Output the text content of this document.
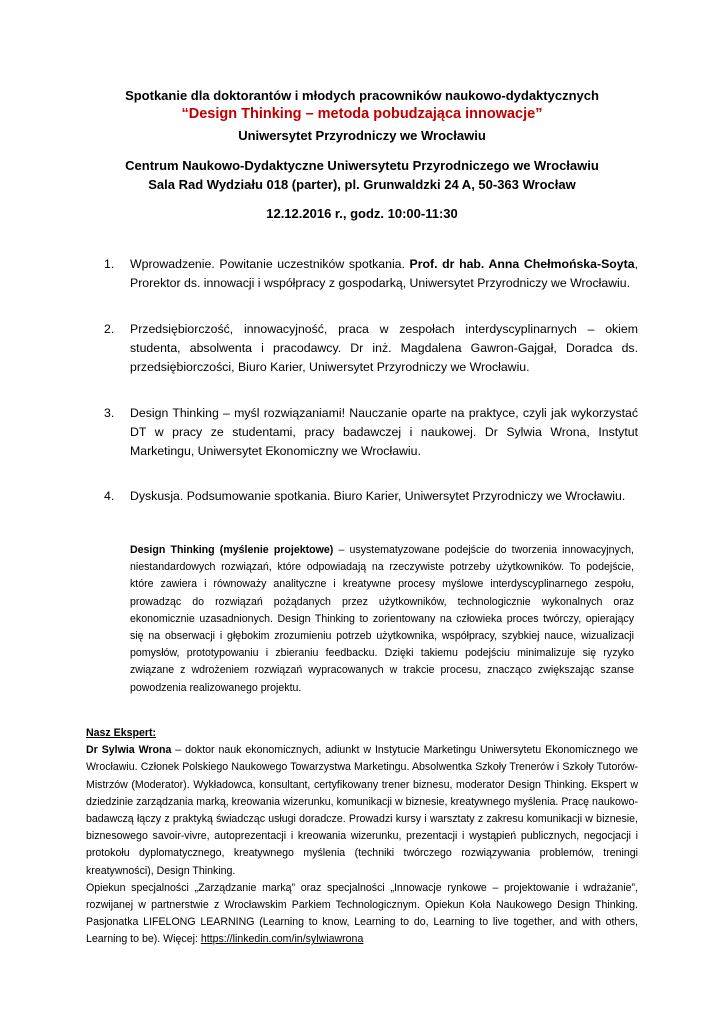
Spotkanie dla doktorantów i młodych pracowników naukowo-dydaktycznych
“Design Thinking – metoda pobudzająca innowacje”
Uniwersytet Przyrodniczy we Wrocławiu
Centrum Naukowo-Dydaktyczne Uniwersytetu Przyrodniczego we Wrocławiu
Sala Rad Wydziału 018 (parter), pl. Grunwaldzki 24 A, 50-363 Wrocław
12.12.2016 r., godz. 10:00-11:30
1.	Wprowadzenie. Powitanie uczestników spotkania. Prof. dr hab. Anna Chełmońska-Soyta, Prorektor ds. innowacji i współpracy z gospodarką, Uniwersytet Przyrodniczy we Wrocławiu.
2.	Przedsiębiorczość, innowacyjność, praca w zespołach interdyscyplinarnych – okiem studenta, absolwenta i pracodawcy. Dr inż. Magdalena Gawron-Gajgał, Doradca ds. przedsiębiorczości, Biuro Karier, Uniwersytet Przyrodniczy we Wrocławiu.
3.	Design Thinking – myśl rozwiązaniami! Nauczanie oparte na praktyce, czyli jak wykorzystać DT w pracy ze studentami, pracy badawczej i naukowej. Dr Sylwia Wrona, Instytut Marketingu, Uniwersytet Ekonomiczny we Wrocławiu.
4.	Dyskusja. Podsumowanie spotkania. Biuro Karier, Uniwersytet Przyrodniczy we Wrocławiu.
Design Thinking (myślenie projektowe) – usystematyzowane podejście do tworzenia innowacyjnych, niestandardowych rozwiązań, które odpowiadają na rzeczywiste potrzeby użytkowników. To podejście, które zawiera i równoważy analityczne i kreatywne procesy myślowe interdyscyplinarnego zespołu, prowadząc do rozwiązań pożądanych przez użytkowników, technologicznie wykonalnych oraz ekonomicznie uzasadnionych. Design Thinking to zorientowany na człowieka proces twórczy, opierający się na obserwacji i głębokim zrozumieniu potrzeb użytkownika, współpracy, szybkiej nauce, wizualizacji pomysłów, prototypowaniu i zbieraniu feedbacku. Dzięki takiemu podejściu minimalizuje się ryzyko związane z wdrożeniem rozwiązań wypracowanych w trakcie procesu, znacząco zwiększając szanse powodzenia realizowanego projektu.
Nasz Ekspert:
Dr Sylwia Wrona – doktor nauk ekonomicznych, adiunkt w Instytucie Marketingu Uniwersytetu Ekonomicznego we Wrocławiu. Członek Polskiego Naukowego Towarzystwa Marketingu. Absolwentka Szkoły Trenerów i Szkoły Tutorów-Mistrzów (Moderator). Wykładowca, konsultant, certyfikowany trener biznesu, moderator Design Thinking. Ekspert w dziedzinie zarządzania marką, kreowania wizerunku, komunikacji w biznesie, kreatywnego myślenia. Pracę naukowo-badawczą łączy z praktyką świadcząc usługi doradcze. Prowadzi kursy i warsztaty z zakresu komunikacji w biznesie, biznesowego savoir-vivre, autoprezentacji i kreowania wizerunku, prezentacji i wystąpień publicznych, negocjacji i protokołu dyplomatycznego, kreatywnego myślenia (techniki twórczego rozwiązywania problemów, treningi kreatywności), Design Thinking.
Opiekun specjalności „Zarządzanie marką” oraz specjalności „Innowacje rynkowe – projektowanie i wdrażanie”, rozwijanej w partnerstwie z Wrocławskim Parkiem Technologicznym. Opiekun Koła Naukowego Design Thinking. Pasjonatka LIFELONG LEARNING (Learning to know, Learning to do, Learning to live together, and with others, Learning to be). Więcej: https://linkedin.com/in/sylwiawrona
